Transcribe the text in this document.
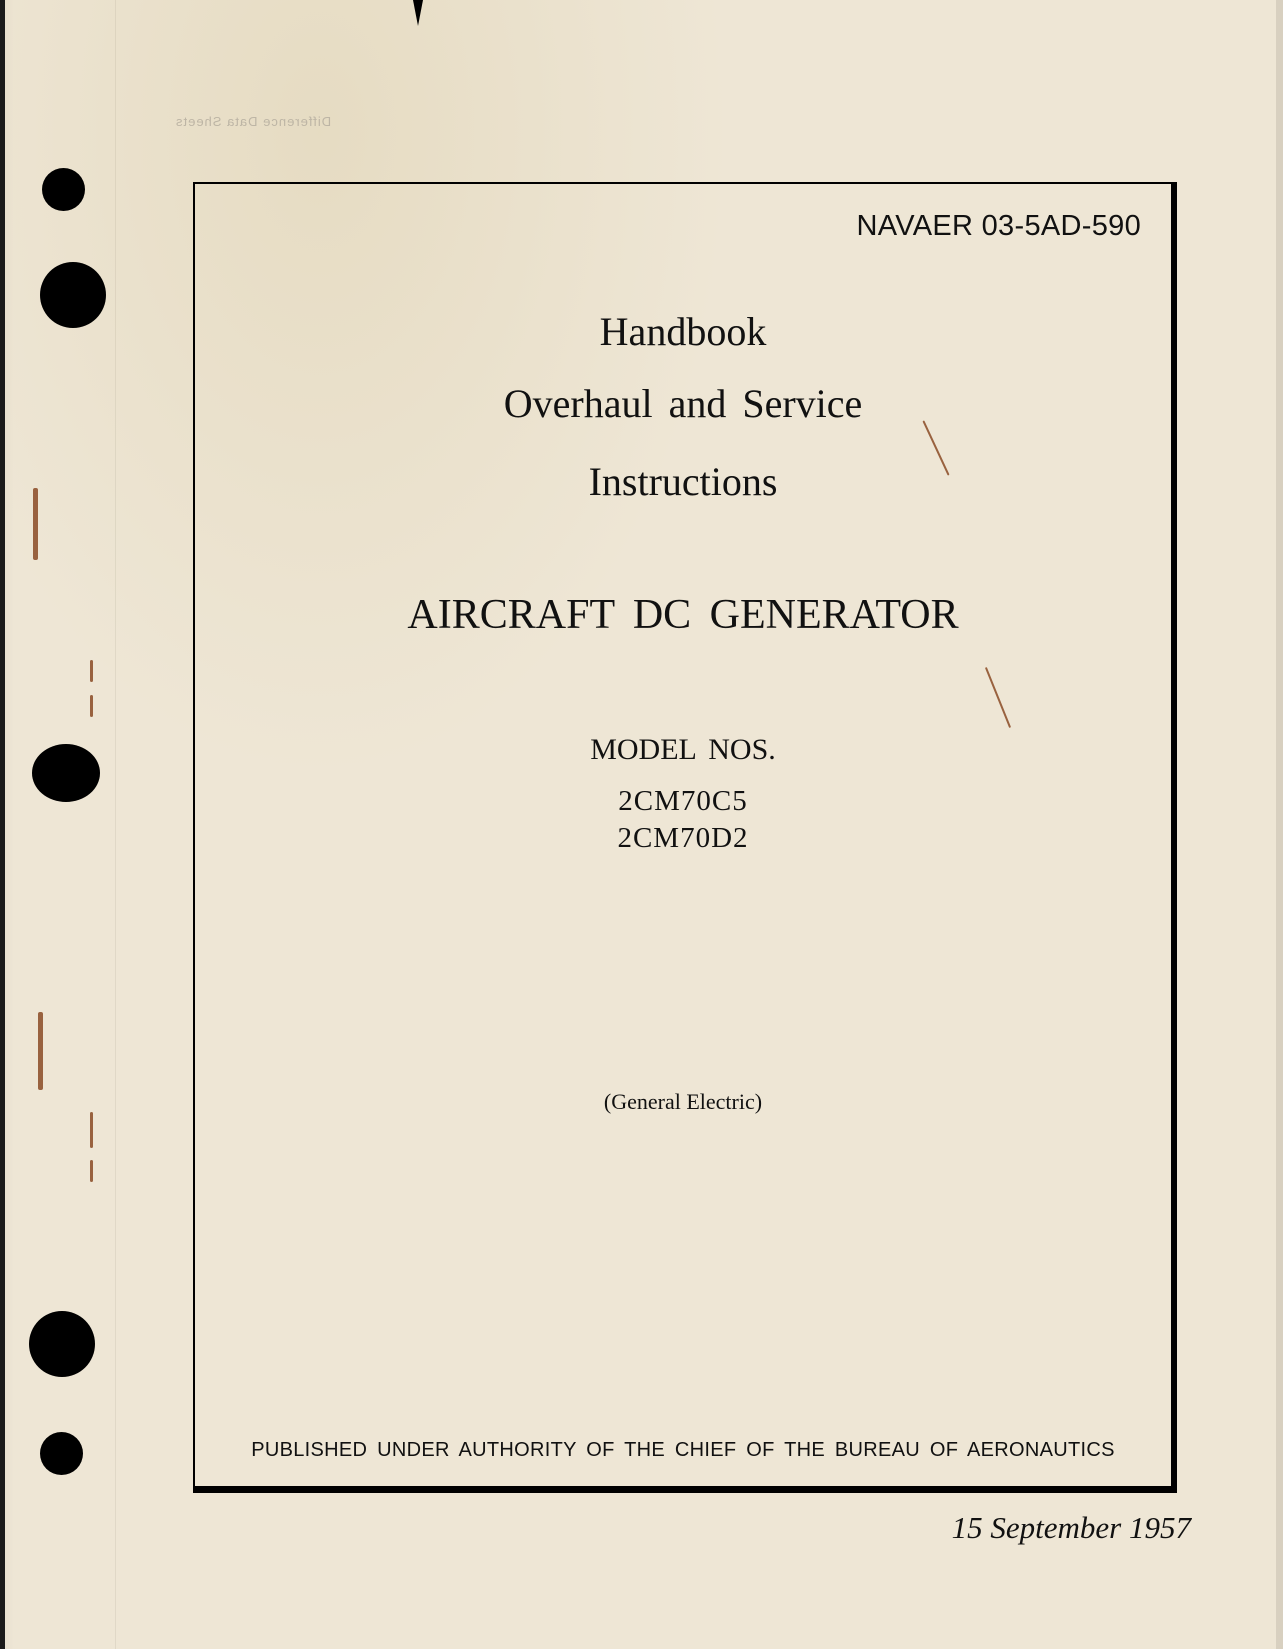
Difference Data Sheets
NAVAER 03-5AD-590
Handbook
Overhaul and Service
Instructions
AIRCRAFT DC GENERATOR
MODEL NOS.
2CM70C5
2CM70D2
(General Electric)
PUBLISHED UNDER AUTHORITY OF THE CHIEF OF THE BUREAU OF AERONAUTICS
15 September 1957
